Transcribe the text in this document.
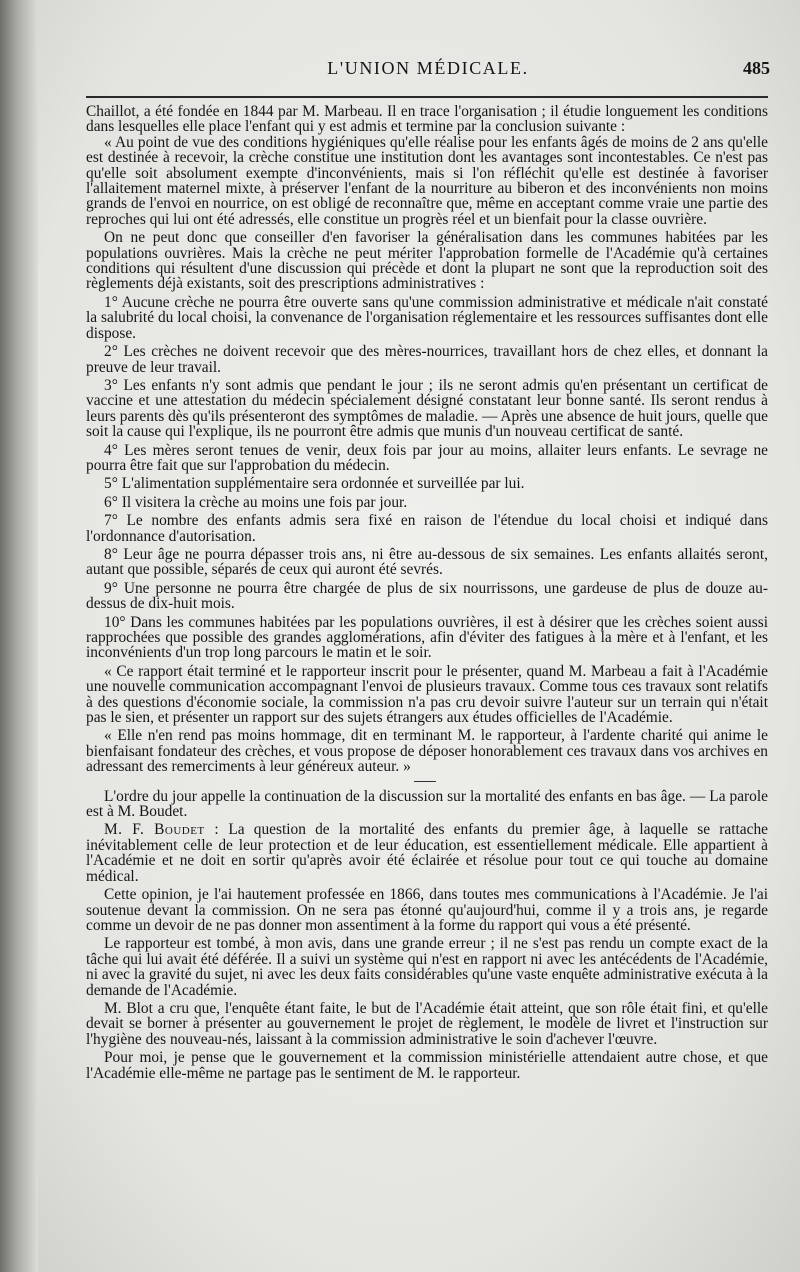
L'UNION MÉDICALE.	485

Chaillot, a été fondée en 1844 par M. Marbeau. Il en trace l'organisation ; il étudie longuement les conditions dans lesquelles elle place l'enfant qui y est admis et termine par la conclusion suivante :

« Au point de vue des conditions hygiéniques qu'elle réalise pour les enfants âgés de moins de 2 ans qu'elle est destinée à recevoir, la crèche constitue une institution dont les avantages sont incontestables. Ce n'est pas qu'elle soit absolument exempte d'inconvénients, mais si l'on réfléchit qu'elle est destinée à favoriser l'allaitement maternel mixte, à préserver l'enfant de la nourriture au biberon et des inconvénients non moins grands de l'envoi en nourrice, on est obligé de reconnaître que, même en acceptant comme vraie une partie des reproches qui lui ont été adressés, elle constitue un progrès réel et un bienfait pour la classe ouvrière.

On ne peut donc que conseiller d'en favoriser la généralisation dans les communes habitées par les populations ouvrières. Mais la crèche ne peut mériter l'approbation formelle de l'Académie qu'à certaines conditions qui résultent d'une discussion qui précède et dont la plupart ne sont que la reproduction soit des règlements déjà existants, soit des prescriptions administratives :

1° Aucune crèche ne pourra être ouverte sans qu'une commission administrative et médicale n'ait constaté la salubrité du local choisi, la convenance de l'organisation réglementaire et les ressources suffisantes dont elle dispose.

2° Les crèches ne doivent recevoir que des mères-nourrices, travaillant hors de chez elles, et donnant la preuve de leur travail.

3° Les enfants n'y sont admis que pendant le jour ; ils ne seront admis qu'en présentant un certificat de vaccine et une attestation du médecin spécialement désigné constatant leur bonne santé. Ils seront rendus à leurs parents dès qu'ils présenteront des symptômes de maladie. — Après une absence de huit jours, quelle que soit la cause qui l'explique, ils ne pourront être admis que munis d'un nouveau certificat de santé.

4° Les mères seront tenues de venir, deux fois par jour au moins, allaiter leurs enfants. Le sevrage ne pourra être fait que sur l'approbation du médecin.

5° L'alimentation supplémentaire sera ordonnée et surveillée par lui.

6° Il visitera la crèche au moins une fois par jour.

7° Le nombre des enfants admis sera fixé en raison de l'étendue du local choisi et indiqué dans l'ordonnance d'autorisation.

8° Leur âge ne pourra dépasser trois ans, ni être au-dessous de six semaines. Les enfants allaités seront, autant que possible, séparés de ceux qui auront été sevrés.

9° Une personne ne pourra être chargée de plus de six nourrissons, une gardeuse de plus de douze au-dessus de dix-huit mois.

10° Dans les communes habitées par les populations ouvrières, il est à désirer que les crèches soient aussi rapprochées que possible des grandes agglomérations, afin d'éviter des fatigues à la mère et à l'enfant, et les inconvénients d'un trop long parcours le matin et le soir.

« Ce rapport était terminé et le rapporteur inscrit pour le présenter, quand M. Marbeau a fait à l'Académie une nouvelle communication accompagnant l'envoi de plusieurs travaux. Comme tous ces travaux sont relatifs à des questions d'économie sociale, la commission n'a pas cru devoir suivre l'auteur sur un terrain qui n'était pas le sien, et présenter un rapport sur des sujets étrangers aux études officielles de l'Académie.

« Elle n'en rend pas moins hommage, dit en terminant M. le rapporteur, à l'ardente charité qui anime le bienfaisant fondateur des crèches, et vous propose de déposer honorablement ces travaux dans vos archives en adressant des remerciments à leur généreux auteur. »

L'ordre du jour appelle la continuation de la discussion sur la mortalité des enfants en bas âge. — La parole est à M. Boudet.

M. F. Boudet : La question de la mortalité des enfants du premier âge, à laquelle se rattache inévitablement celle de leur protection et de leur éducation, est essentiellement médicale. Elle appartient à l'Académie et ne doit en sortir qu'après avoir été éclairée et résolue pour tout ce qui touche au domaine médical.

Cette opinion, je l'ai hautement professée en 1866, dans toutes mes communications à l'Académie. Je l'ai soutenue devant la commission. On ne sera pas étonné qu'aujourd'hui, comme il y a trois ans, je regarde comme un devoir de ne pas donner mon assentiment à la forme du rapport qui vous a été présenté.

Le rapporteur est tombé, à mon avis, dans une grande erreur ; il ne s'est pas rendu un compte exact de la tâche qui lui avait été déférée. Il a suivi un système qui n'est en rapport ni avec les antécédents de l'Académie, ni avec la gravité du sujet, ni avec les deux faits considérables qu'une vaste enquête administrative exécuta à la demande de l'Académie.

M. Blot a cru que, l'enquête étant faite, le but de l'Académie était atteint, que son rôle était fini, et qu'elle devait se borner à présenter au gouvernement le projet de règlement, le modèle de livret et l'instruction sur l'hygiène des nouveau-nés, laissant à la commission administrative le soin d'achever l'œuvre.

Pour moi, je pense que le gouvernement et la commission ministérielle attendaient autre chose, et que l'Académie elle-même ne partage pas le sentiment de M. le rapporteur.
